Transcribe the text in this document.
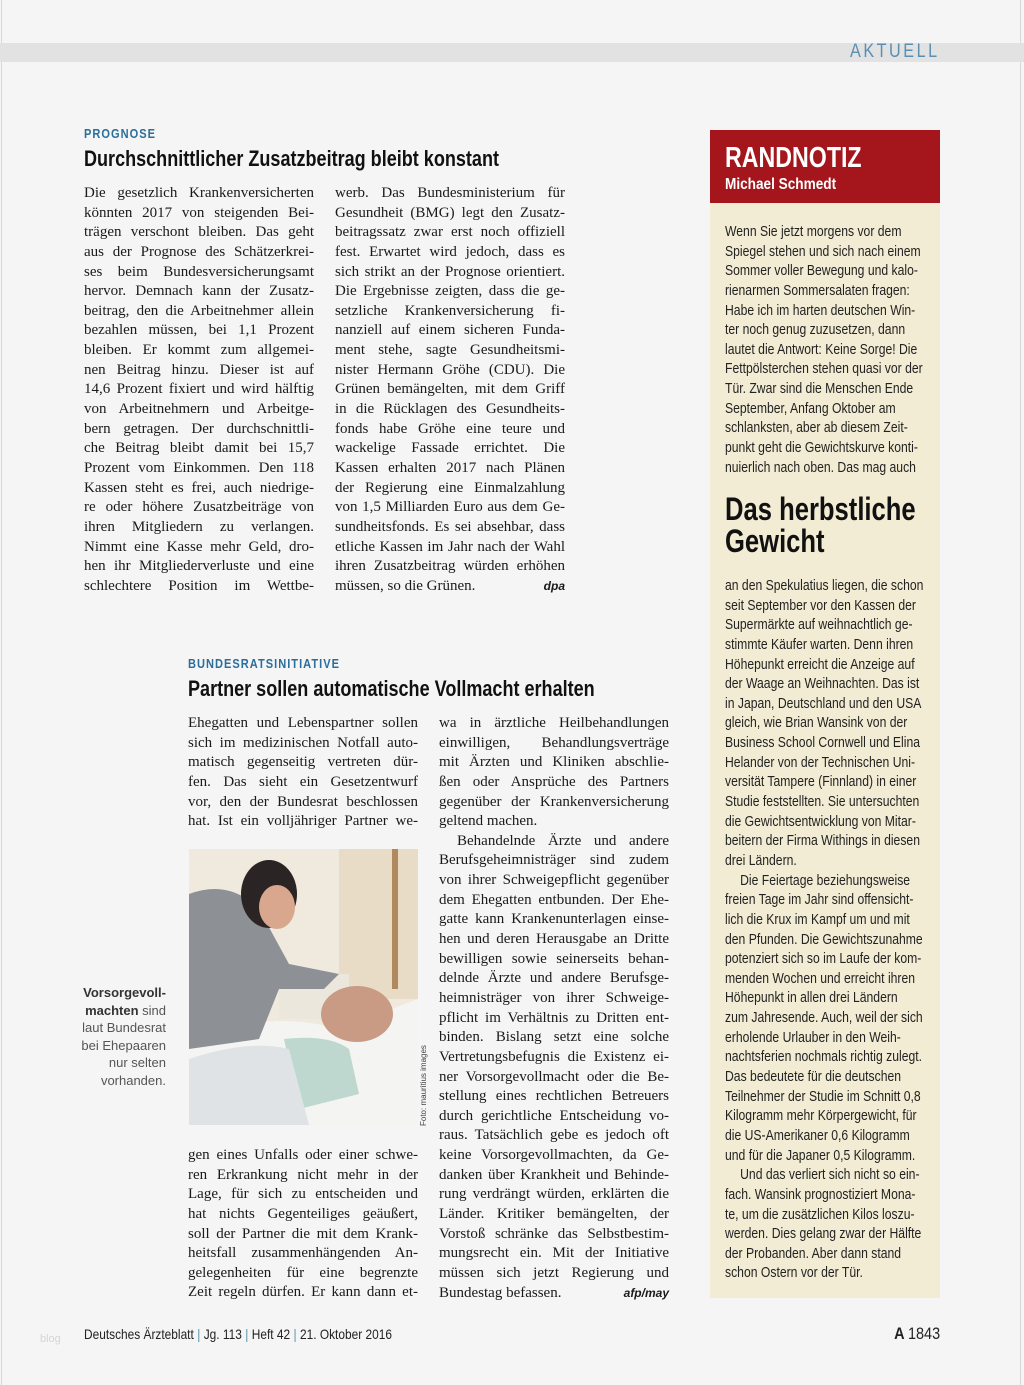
AKTUELL
PROGNOSE
Durchschnittlicher Zusatzbeitrag bleibt konstant
Die gesetzlich Krankenversicherten
könnten 2017 von steigenden Bei-
trägen verschont bleiben. Das geht
aus der Prognose des Schätzerkrei-
ses beim Bundesversicherungsamt
hervor. Demnach kann der Zusatz-
beitrag, den die Arbeitnehmer allein
bezahlen müssen, bei 1,1 Prozent
bleiben. Er kommt zum allgemei-
nen Beitrag hinzu. Dieser ist auf
14,6 Prozent fixiert und wird hälftig
von Arbeitnehmern und Arbeitge-
bern getragen. Der durchschnittli-
che Beitrag bleibt damit bei 15,7
Prozent vom Einkommen. Den 118
Kassen steht es frei, auch niedrige-
re oder höhere Zusatzbeiträge von
ihren Mitgliedern zu verlangen.
Nimmt eine Kasse mehr Geld, dro-
hen ihr Mitgliederverluste und eine
schlechtere Position im Wettbe-
werb. Das Bundesministerium für
Gesundheit (BMG) legt den Zusatz-
beitragssatz zwar erst noch offiziell
fest. Erwartet wird jedoch, dass es
sich strikt an der Prognose orientiert.
Die Ergebnisse zeigten, dass die ge-
setzliche Krankenversicherung fi-
nanziell auf einem sicheren Funda-
ment stehe, sagte Gesundheitsmi-
nister Hermann Gröhe (CDU). Die
Grünen bemängelten, mit dem Griff
in die Rücklagen des Gesundheits-
fonds habe Gröhe eine teure und
wackelige Fassade errichtet. Die
Kassen erhalten 2017 nach Plänen
der Regierung eine Einmalzahlung
von 1,5 Milliarden Euro aus dem Ge-
sundheitsfonds. Es sei absehbar, dass
etliche Kassen im Jahr nach der Wahl
ihren Zusatzbeitrag würden erhöhen
müssen, so die Grünen.	dpa
BUNDESRATSINITIATIVE
Partner sollen automatische Vollmacht erhalten
Ehegatten und Lebenspartner sollen
sich im medizinischen Notfall auto-
matisch gegenseitig vertreten dür-
fen. Das sieht ein Gesetzentwurf
vor, den der Bundesrat beschlossen
hat. Ist ein volljähriger Partner we-
gen eines Unfalls oder einer schwe-
ren Erkrankung nicht mehr in der
Lage, für sich zu entscheiden und
hat nichts Gegenteiliges geäußert,
soll der Partner die mit dem Krank-
heitsfall zusammenhängenden An-
gelegenheiten für eine begrenzte
Zeit regeln dürfen. Er kann dann et-
wa in ärztliche Heilbehandlungen
einwilligen, Behandlungsverträge
mit Ärzten und Kliniken abschlie-
ßen oder Ansprüche des Partners
gegenüber der Krankenversicherung
geltend machen.
Behandelnde Ärzte und andere
Berufsgeheimnisträger sind zudem
von ihrer Schweigepflicht gegenüber
dem Ehegatten entbunden. Der Ehe-
gatte kann Krankenunterlagen einse-
hen und deren Herausgabe an Dritte
bewilligen sowie seinerseits behan-
delnde Ärzte und andere Berufsge-
heimnisträger von ihrer Schweige-
pflicht im Verhältnis zu Dritten ent-
binden. Bislang setzt eine solche
Vertretungsbefugnis die Existenz ei-
ner Vorsorgevollmacht oder die Be-
stellung eines rechtlichen Betreuers
durch gerichtliche Entscheidung vo-
raus. Tatsächlich gebe es jedoch oft
keine Vorsorgevollmachten, da Ge-
danken über Krankheit und Behinde-
rung verdrängt würden, erklärten die
Länder. Kritiker bemängelten, der
Vorstoß schränke das Selbstbestim-
mungsrecht ein. Mit der Initiative
müssen sich jetzt Regierung und
Bundestag befassen.	afp/may
Vorsorgevoll-machten sind laut Bundesrat bei Ehepaaren nur selten vorhanden.	Foto: mauritius images
RANDNOTIZ
Michael Schmedt
Wenn Sie jetzt morgens vor dem
Spiegel stehen und sich nach einem
Sommer voller Bewegung und kalo-
rienarmen Sommersalaten fragen:
Habe ich im harten deutschen Win-
ter noch genug zuzusetzen, dann
lautet die Antwort: Keine Sorge! Die
Fettpölsterchen stehen quasi vor der
Tür. Zwar sind die Menschen Ende
September, Anfang Oktober am
schlanksten, aber ab diesem Zeit-
punkt geht die Gewichtskurve konti-
nuierlich nach oben. Das mag auch
Das herbstliche
Gewicht
an den Spekulatius liegen, die schon
seit September vor den Kassen der
Supermärkte auf weihnachtlich ge-
stimmte Käufer warten. Denn ihren
Höhepunkt erreicht die Anzeige auf
der Waage an Weihnachten. Das ist
in Japan, Deutschland und den USA
gleich, wie Brian Wansink von der
Business School Cornwell und Elina
Helander von der Technischen Uni-
versität Tampere (Finnland) in einer
Studie feststellten. Sie untersuchten
die Gewichtsentwicklung von Mitar-
beitern der Firma Withings in diesen
drei Ländern.
Die Feiertage beziehungsweise
freien Tage im Jahr sind offensicht-
lich die Krux im Kampf um und mit
den Pfunden. Die Gewichtszunahme
potenziert sich so im Laufe der kom-
menden Wochen und erreicht ihren
Höhepunkt in allen drei Ländern
zum Jahresende. Auch, weil der sich
erholende Urlauber in den Weih-
nachtsferien nochmals richtig zulegt.
Das bedeutete für die deutschen
Teilnehmer der Studie im Schnitt 0,8
Kilogramm mehr Körpergewicht, für
die US-Amerikaner 0,6 Kilogramm
und für die Japaner 0,5 Kilogramm.
Und das verliert sich nicht so ein-
fach. Wansink prognostiziert Mona-
te, um die zusätzlichen Kilos loszu-
werden. Dies gelang zwar der Hälfte
der Probanden. Aber dann stand
schon Ostern vor der Tür.
blog Deutsches Ärzteblatt | Jg. 113 | Heft 42 | 21. Oktober 2016	A 1843
